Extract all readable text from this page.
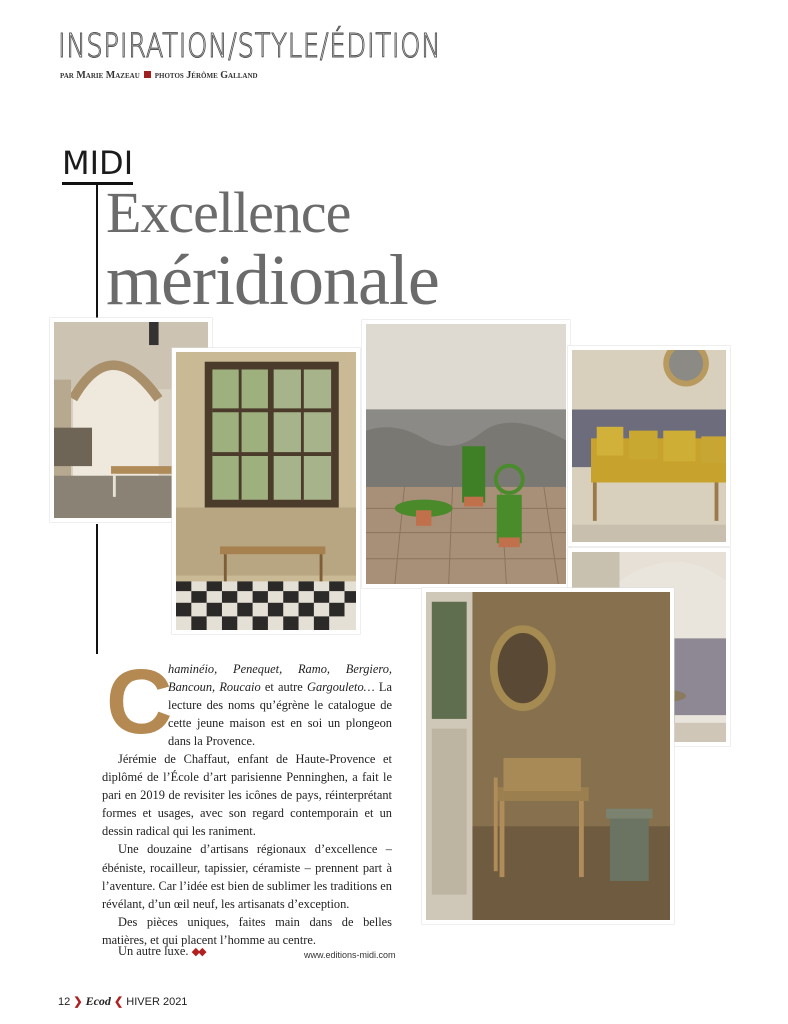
INSPIRATION/STYLE/ÉDITION
par Marie Mazeau photos Jérôme Galland
MIDI
Excellence
méridionale
C
haminéio, Penequet, Ramo, Bergiero, Bancoun, Roucaio et autre Gargouleto… La lecture des noms qu’égrène le catalogue de cette jeune maison est en soi un plongeon dans la Provence.

Jérémie de Chaffaut, enfant de Haute-Provence et diplômé de l’École d’art parisienne Penninghen, a fait le pari en 2019 de revisiter les icônes de pays, réinterprétant formes et usages, avec son regard contemporain et un dessin radical qui les raniment.

Une douzaine d’artisans régionaux d’excellence – ébéniste, rocailleur, tapissier, céramiste – prennent part à l’aventure. Car l’idée est bien de sublimer les traditions en révélant, d’un œil neuf, les artisanats d’exception.

Des pièces uniques, faites main dans de belles matières, et qui placent l’homme au centre.

Un autre luxe. ◆◆	www.editions-midi.com
12 ❯ Ecod ❮ HIVER 2021
